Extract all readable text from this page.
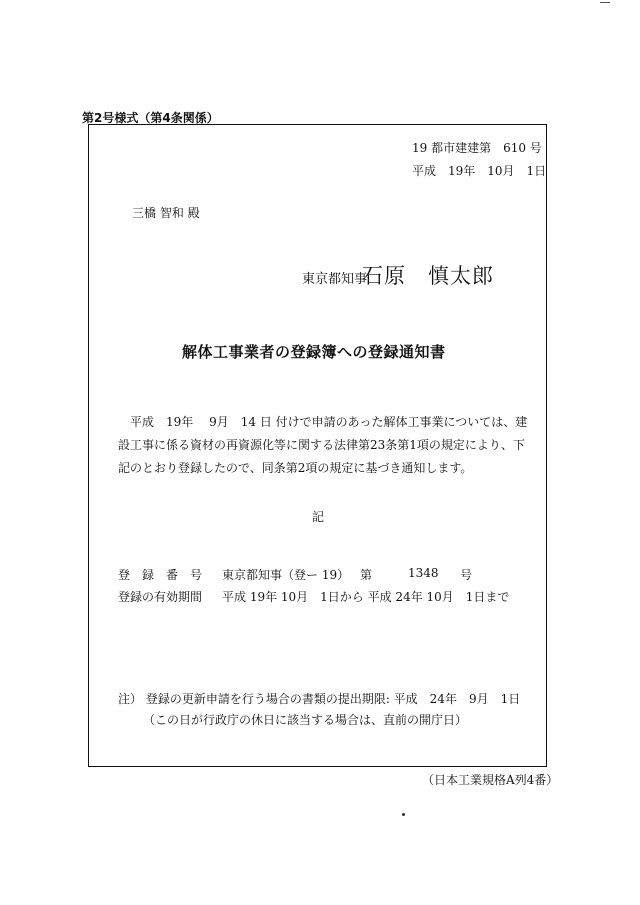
第2号様式（第4条関係）
19 都市建建第　610 号
平成　19年　10月　1日
三橋 智和 殿
東京都知事
石原　慎太郎
解体工事業者の登録簿への登録通知書
　平成　19年　 9月　14 日 付けで申請のあった解体工事業については、建設工事に係る資材の再資源化等に関する法律第23条第1項の規定により、下記のとおり登録したので、同条第2項の規定に基づき通知します。
記
登　録　番　号 東京都知事（登ー 19） 第	1348 号
登録の有効期間 平成 19年 10月　1日から 平成 24年 10月　1日まで
注） 登録の更新申請を行う場合の書類の提出期限: 平成　24年　9月　1日
（この日が行政庁の休日に該当する場合は、直前の開庁日）
（日本工業規格A列4番）
